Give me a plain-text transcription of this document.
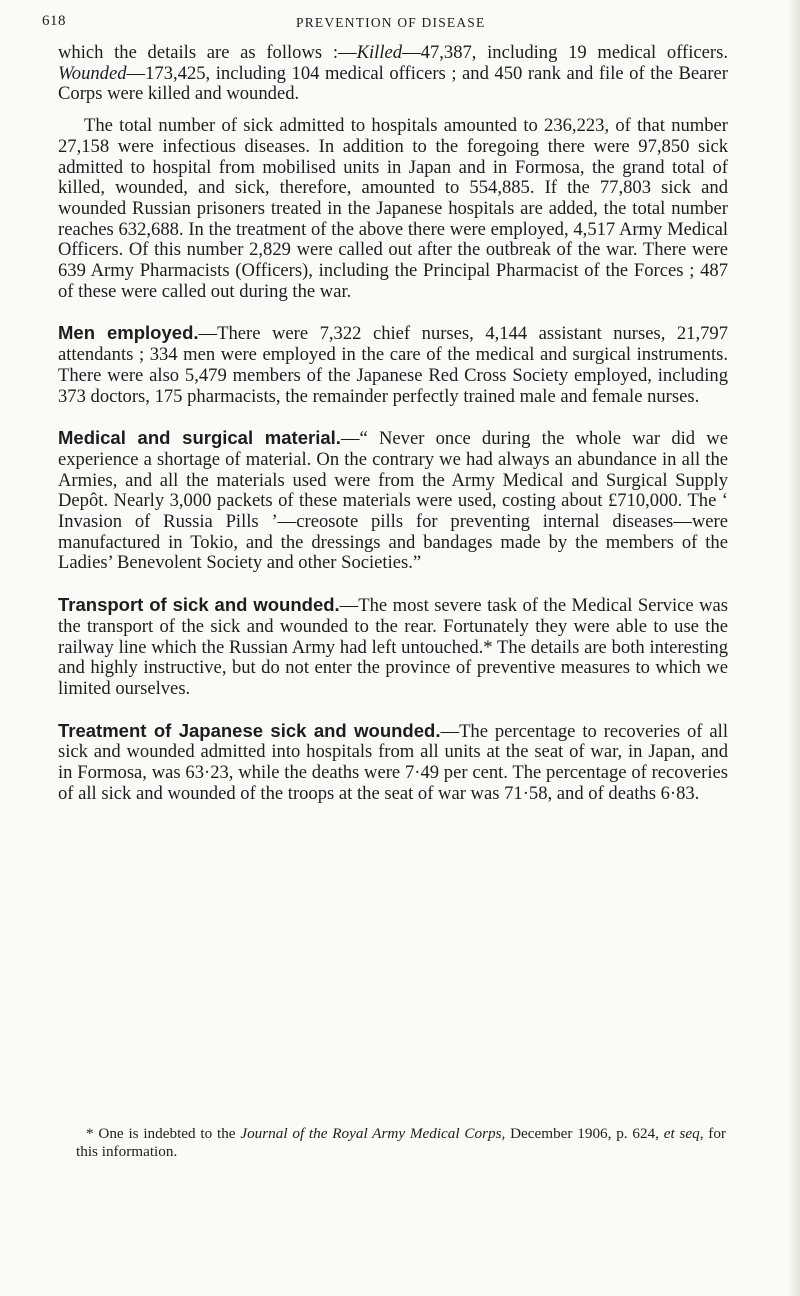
618	PREVENTION OF DISEASE

which the details are as follows :—Killed—47,387, including 19 medical officers. Wounded—173,425, including 104 medical officers ; and 450 rank and file of the Bearer Corps were killed and wounded.

The total number of sick admitted to hospitals amounted to 236,223, of that number 27,158 were infectious diseases. In addition to the foregoing there were 97,850 sick admitted to hospital from mobilised units in Japan and in Formosa, the grand total of killed, wounded, and sick, therefore, amounted to 554,885. If the 77,803 sick and wounded Russian prisoners treated in the Japanese hospitals are added, the total number reaches 632,688. In the treatment of the above there were employed, 4,517 Army Medical Officers. Of this number 2,829 were called out after the outbreak of the war. There were 639 Army Pharmacists (Officers), including the Principal Pharmacist of the Forces ; 487 of these were called out during the war.

Men employed.—There were 7,322 chief nurses, 4,144 assistant nurses, 21,797 attendants ; 334 men were employed in the care of the medical and surgical instruments. There were also 5,479 members of the Japanese Red Cross Society employed, including 373 doctors, 175 pharmacists, the remainder perfectly trained male and female nurses.

Medical and surgical material.—“ Never once during the whole war did we experience a shortage of material. On the contrary we had always an abundance in all the Armies, and all the materials used were from the Army Medical and Surgical Supply Depôt. Nearly 3,000 packets of these materials were used, costing about £710,000. The ‘ Invasion of Russia Pills ’—creosote pills for preventing internal diseases—were manufactured in Tokio, and the dressings and bandages made by the members of the Ladies’ Benevolent Society and other Societies.”

Transport of sick and wounded.—The most severe task of the Medical Service was the transport of the sick and wounded to the rear. Fortunately they were able to use the railway line which the Russian Army had left untouched.* The details are both interesting and highly instructive, but do not enter the province of preventive measures to which we limited ourselves.

Treatment of Japanese sick and wounded.—The percentage to recoveries of all sick and wounded admitted into hospitals from all units at the seat of war, in Japan, and in Formosa, was 63·23, while the deaths were 7·49 per cent. The percentage of recoveries of all sick and wounded of the troops at the seat of war was 71·58, and of deaths 6·83.

* One is indebted to the Journal of the Royal Army Medical Corps, December 1906, p. 624, et seq, for this information.
